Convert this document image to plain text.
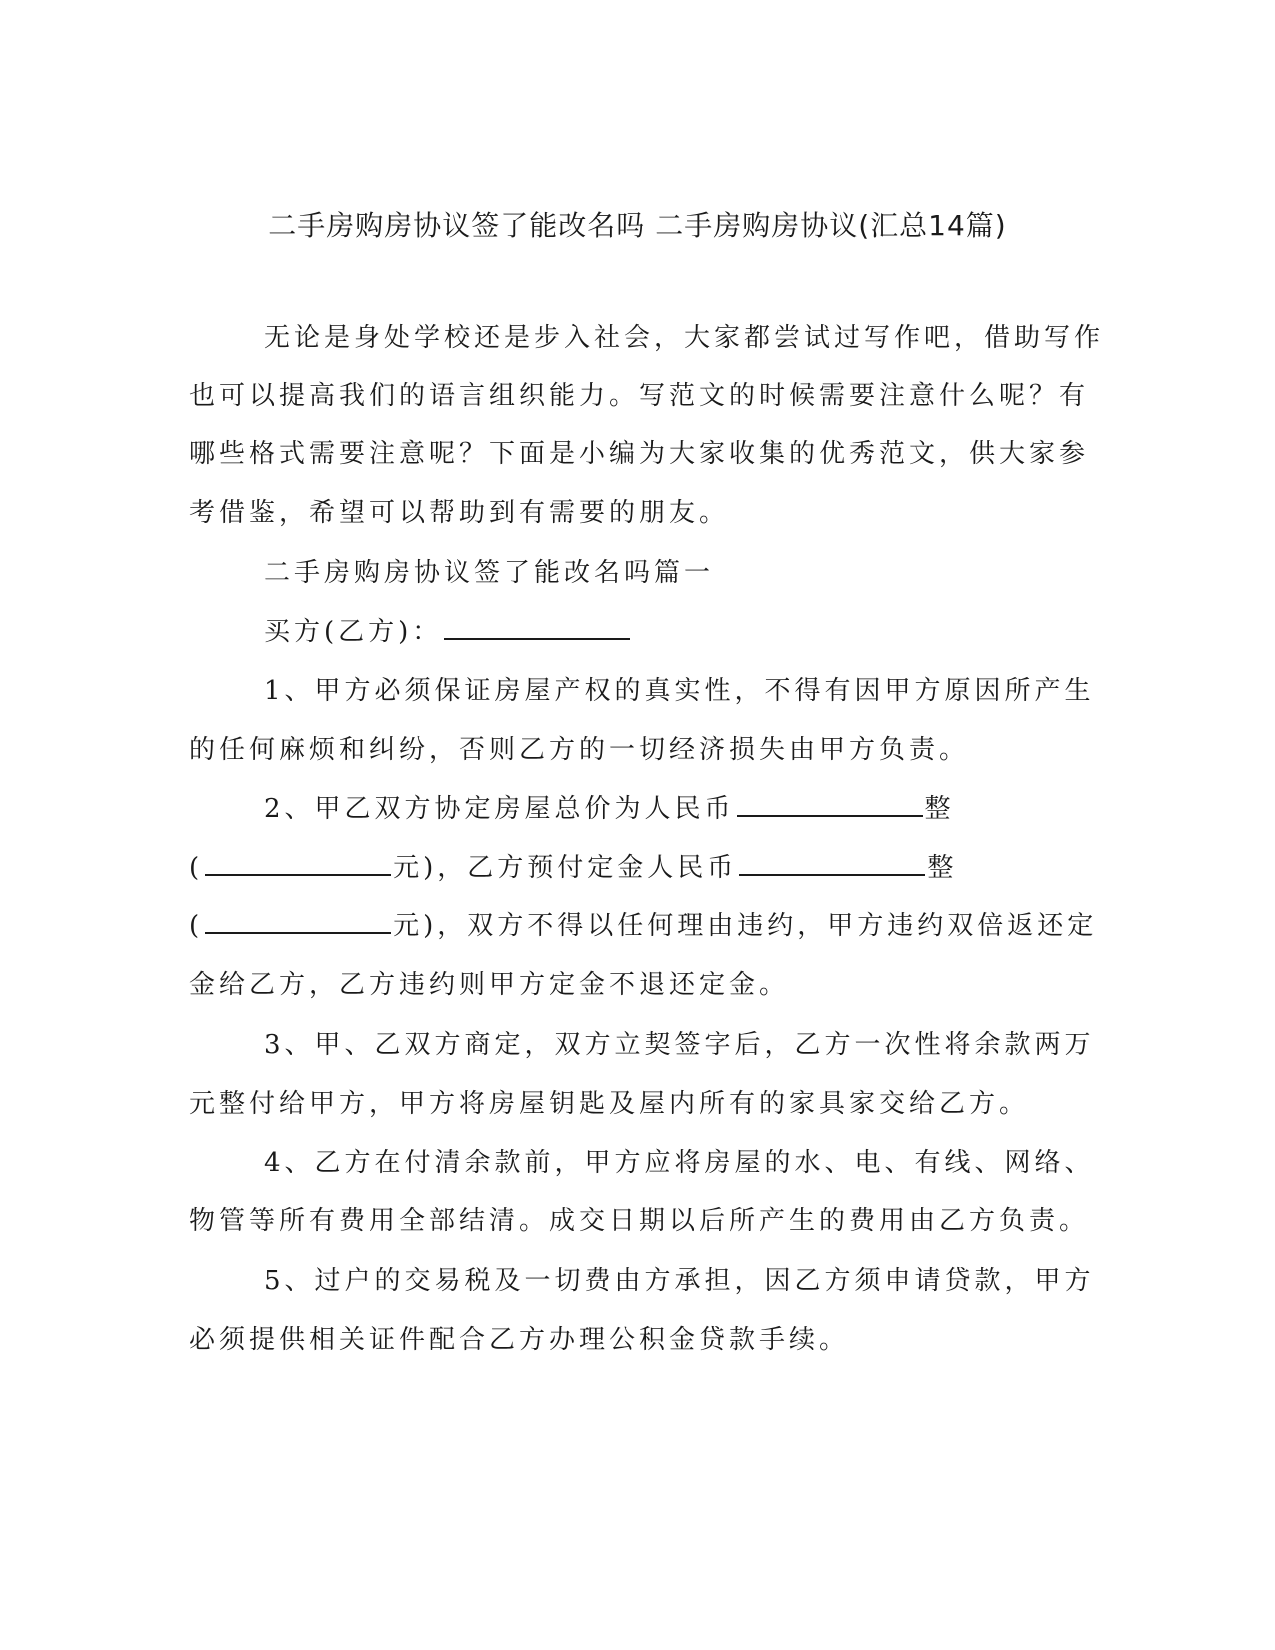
二手房购房协议签了能改名吗 二手房购房协议(汇总14篇)
无论是身处学校还是步入社会，大家都尝试过写作吧，借助写作
也可以提高我们的语言组织能力。写范文的时候需要注意什么呢？有
哪些格式需要注意呢？下面是小编为大家收集的优秀范文，供大家参
考借鉴，希望可以帮助到有需要的朋友。
二手房购房协议签了能改名吗篇一
买方(乙方)：
1、甲方必须保证房屋产权的真实性，不得有因甲方原因所产生
的任何麻烦和纠纷，否则乙方的一切经济损失由甲方负责。
2、甲乙双方协定房屋总价为人民币	整
(	元)，乙方预付定金人民币	整
(	元)，双方不得以任何理由违约，甲方违约双倍返还定
金给乙方，乙方违约则甲方定金不退还定金。
3、甲、乙双方商定，双方立契签字后，乙方一次性将余款两万
元整付给甲方，甲方将房屋钥匙及屋内所有的家具家交给乙方。
4、乙方在付清余款前，甲方应将房屋的水、电、有线、网络、
物管等所有费用全部结清。成交日期以后所产生的费用由乙方负责。
5、过户的交易税及一切费由方承担，因乙方须申请贷款，甲方
必须提供相关证件配合乙方办理公积金贷款手续。
